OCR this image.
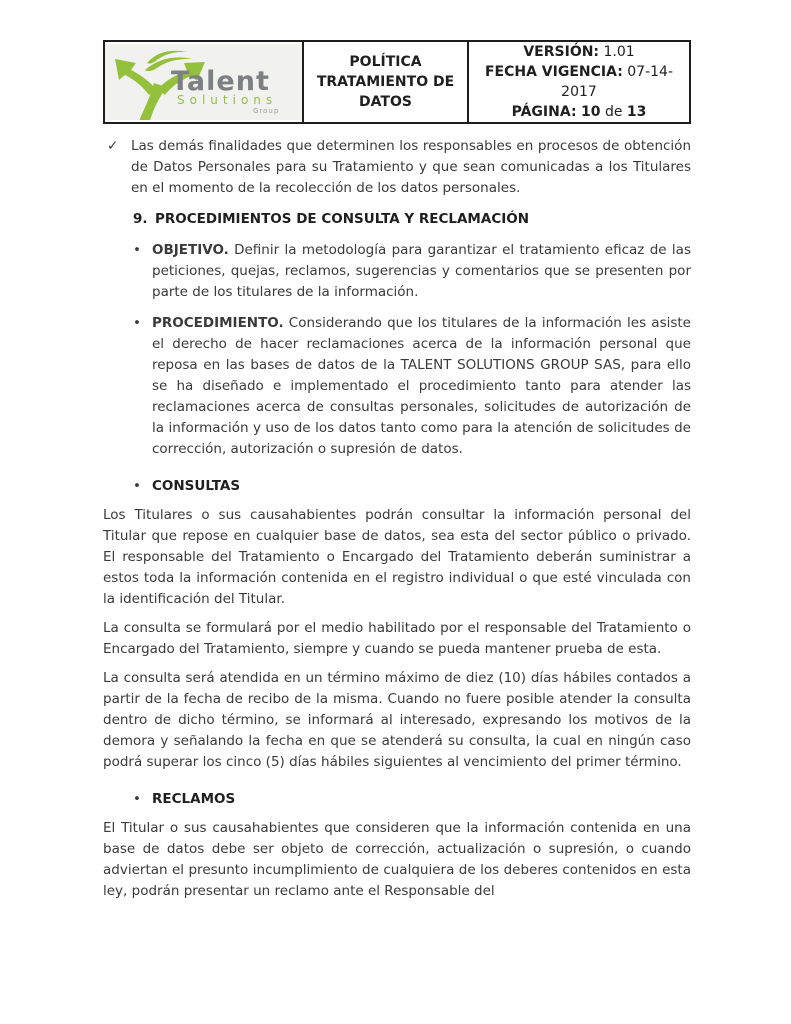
Talent
Solutions
Group

POLÍTICA
TRATAMIENTO DE
DATOS

VERSIÓN: 1.01
FECHA VIGENCIA: 07-14-2017
PÁGINA: 10 de 13
✓ Las demás finalidades que determinen los responsables en procesos de obtención de Datos Personales para su Tratamiento y que sean comunicadas a los Titulares en el momento de la recolección de los datos personales.
9. PROCEDIMIENTOS DE CONSULTA Y RECLAMACIÓN
• OBJETIVO. Definir la metodología para garantizar el tratamiento eficaz de las peticiones, quejas, reclamos, sugerencias y comentarios que se presenten por parte de los titulares de la información.
• PROCEDIMIENTO. Considerando que los titulares de la información les asiste el derecho de hacer reclamaciones acerca de la información personal que reposa en las bases de datos de la TALENT SOLUTIONS GROUP SAS, para ello se ha diseñado e implementado el procedimiento tanto para atender las reclamaciones acerca de consultas personales, solicitudes de autorización de la información y uso de los datos tanto como para la atención de solicitudes de corrección, autorización o supresión de datos.
• CONSULTAS

Los Titulares o sus causahabientes podrán consultar la información personal del Titular que repose en cualquier base de datos, sea esta del sector público o privado. El responsable del Tratamiento o Encargado del Tratamiento deberán suministrar a estos toda la información contenida en el registro individual o que esté vinculada con la identificación del Titular.

La consulta se formulará por el medio habilitado por el responsable del Tratamiento o Encargado del Tratamiento, siempre y cuando se pueda mantener prueba de esta.

La consulta será atendida en un término máximo de diez (10) días hábiles contados a partir de la fecha de recibo de la misma. Cuando no fuere posible atender la consulta dentro de dicho término, se informará al interesado, expresando los motivos de la demora y señalando la fecha en que se atenderá su consulta, la cual en ningún caso podrá superar los cinco (5) días hábiles siguientes al vencimiento del primer término.

• RECLAMOS

El Titular o sus causahabientes que consideren que la información contenida en una base de datos debe ser objeto de corrección, actualización o supresión, o cuando adviertan el presunto incumplimiento de cualquiera de los deberes contenidos en esta ley, podrán presentar un reclamo ante el Responsable del
